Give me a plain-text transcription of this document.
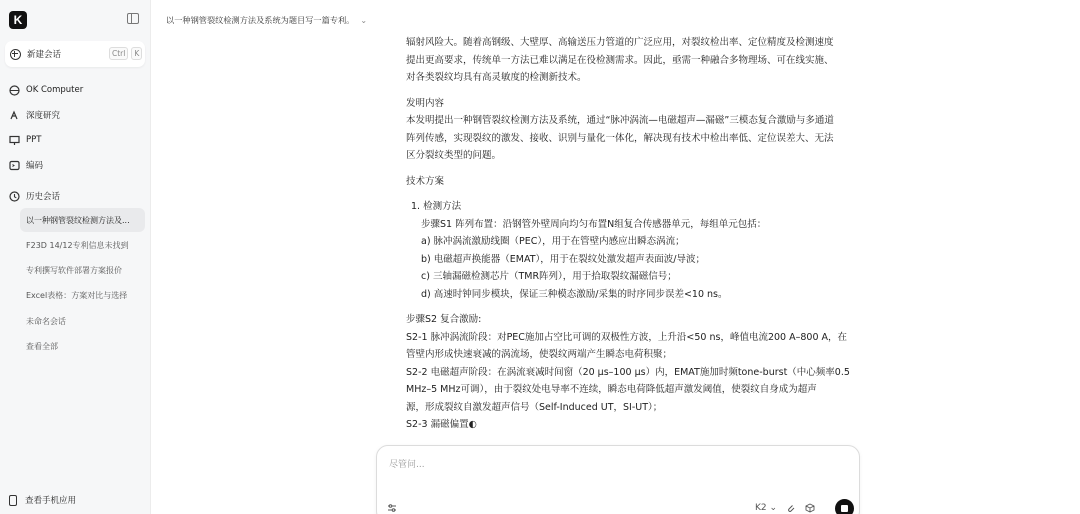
K
新建会话	Ctrl	K
OK Computer
深度研究
PPT
编码
历史会话
以一种钢管裂纹检测方法及...
F23D 14/12专利信息未找到
专利撰写软件部署方案报价
Excel表格：方案对比与选择
未命名会话
查看全部
查看手机应用
以一种钢管裂纹检测方法及系统为题目写一篇专利。 ⌄

辐射风险大。随着高钢级、大壁厚、高输送压力管道的广泛应用，对裂纹检出率、定位精度及检测速度

提出更高要求，传统单一方法已难以满足在役检测需求。因此，亟需一种融合多物理场、可在线实施、

对各类裂纹均具有高灵敏度的检测新技术。

发明内容

本发明提出一种钢管裂纹检测方法及系统，通过“脉冲涡流—电磁超声—漏磁”三模态复合激励与多通道

阵列传感，实现裂纹的激发、接收、识别与量化一体化，解决现有技术中检出率低、定位误差大、无法

区分裂纹类型的问题。

技术方案

1. 检测方法

步骤S1 阵列布置：沿钢管外壁周向均匀布置N组复合传感器单元，每组单元包括：

a) 脉冲涡流激励线圈（PEC），用于在管壁内感应出瞬态涡流；

b) 电磁超声换能器（EMAT），用于在裂纹处激发超声表面波/导波；

c) 三轴漏磁检测芯片（TMR阵列），用于拾取裂纹漏磁信号；

d) 高速时钟同步模块，保证三种模态激励/采集的时序同步误差<10 ns。

步骤S2 复合激励:

S2-1 脉冲涡流阶段：对PEC施加占空比可调的双极性方波，上升沿<50 ns，峰值电流200 A–800 A，在

管壁内形成快速衰减的涡流场，使裂纹两端产生瞬态电荷积聚；

S2-2 电磁超声阶段：在涡流衰减时间窗（20 μs–100 μs）内，EMAT施加时频tone-burst（中心频率0.5

MHz–5 MHz可调），由于裂纹处电导率不连续，瞬态电荷降低超声激发阈值，使裂纹自身成为超声

源，形成裂纹自激发超声信号（Self-Induced UT，SI-UT）；

S2-3 漏磁偏置◐

尽管问...
K2 ⌄
